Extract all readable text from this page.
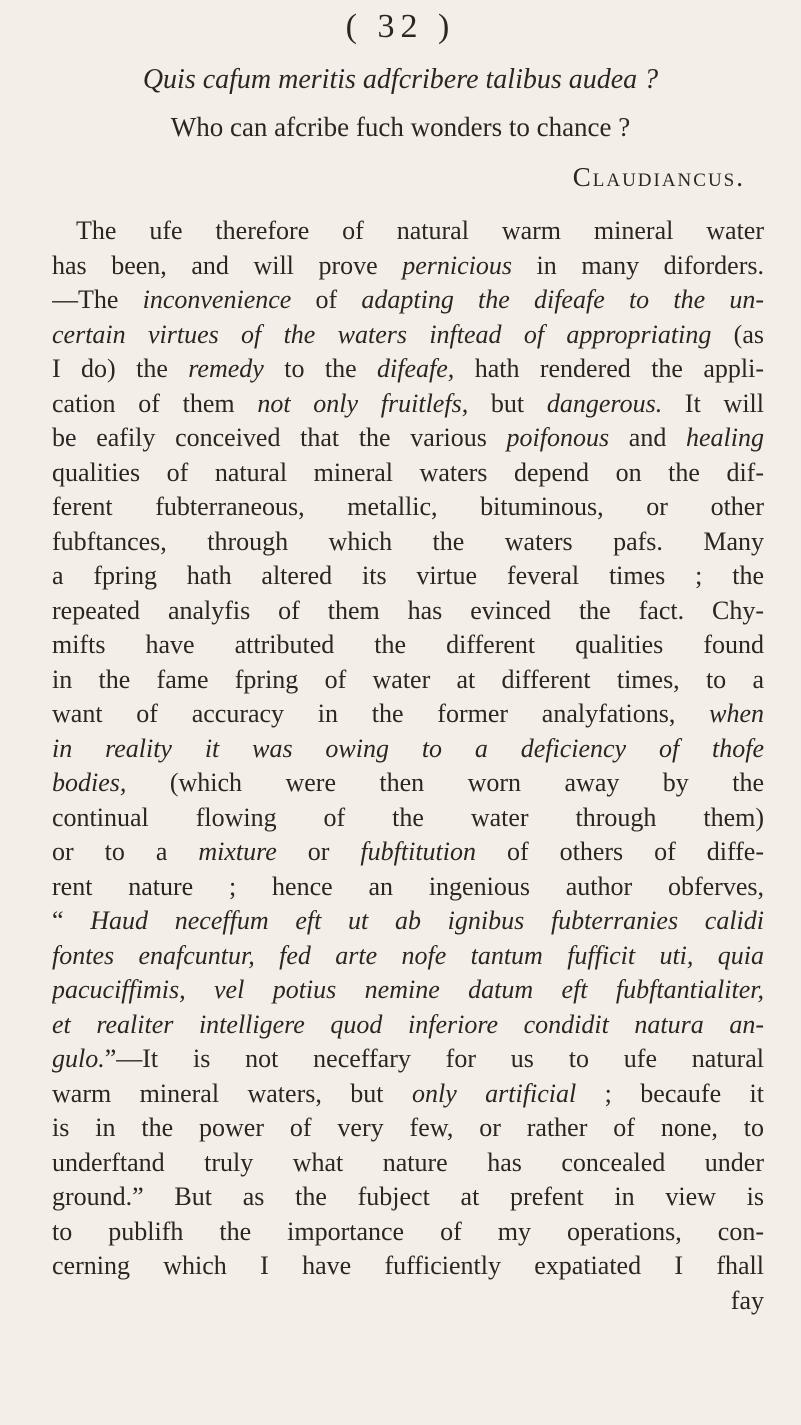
( 32 )
Quis cafum meritis adfcribere talibus audea ?
Who can afcribe fuch wonders to chance ?
Claudiancus.
The ufe therefore of natural warm mineral water
has been, and will prove pernicious in many diforders.
—The inconvenience of adapting the difeafe to the un-
certain virtues of the waters inftead of appropriating (as
I do) the remedy to the difeafe, hath rendered the appli-
cation of them not only fruitlefs, but dangerous. It will
be eafily conceived that the various poifonous and healing
qualities of natural mineral waters depend on the dif-
ferent fubterraneous, metallic, bituminous, or other
fubftances, through which the waters pafs. Many
a fpring hath altered its virtue feveral times ; the
repeated analyfis of them has evinced the fact. Chy-
mifts have attributed the different qualities found
in the fame fpring of water at different times, to a
want of accuracy in the former analyfations, when
in reality it was owing to a deficiency of thofe
bodies, (which were then worn away by the
continual flowing of the water through them)
or to a mixture or fubftitution of others of diffe-
rent nature ; hence an ingenious author obferves,
“ Haud neceffum eft ut ab ignibus fubterranies calidi
fontes enafcuntur, fed arte nofe tantum fufficit uti, quia
pacuciffimis, vel potius nemine datum eft fubftantialiter,
et realiter intelligere quod inferiore condidit natura an-
gulo.”—It is not neceffary for us to ufe natural
warm mineral waters, but only artificial ; becaufe it
is in the power of very few, or rather of none, to
underftand truly what nature has concealed under
ground.” But as the fubject at prefent in view is
to publifh the importance of my operations, con-
cerning which I have fufficiently expatiated I fhall
fay
